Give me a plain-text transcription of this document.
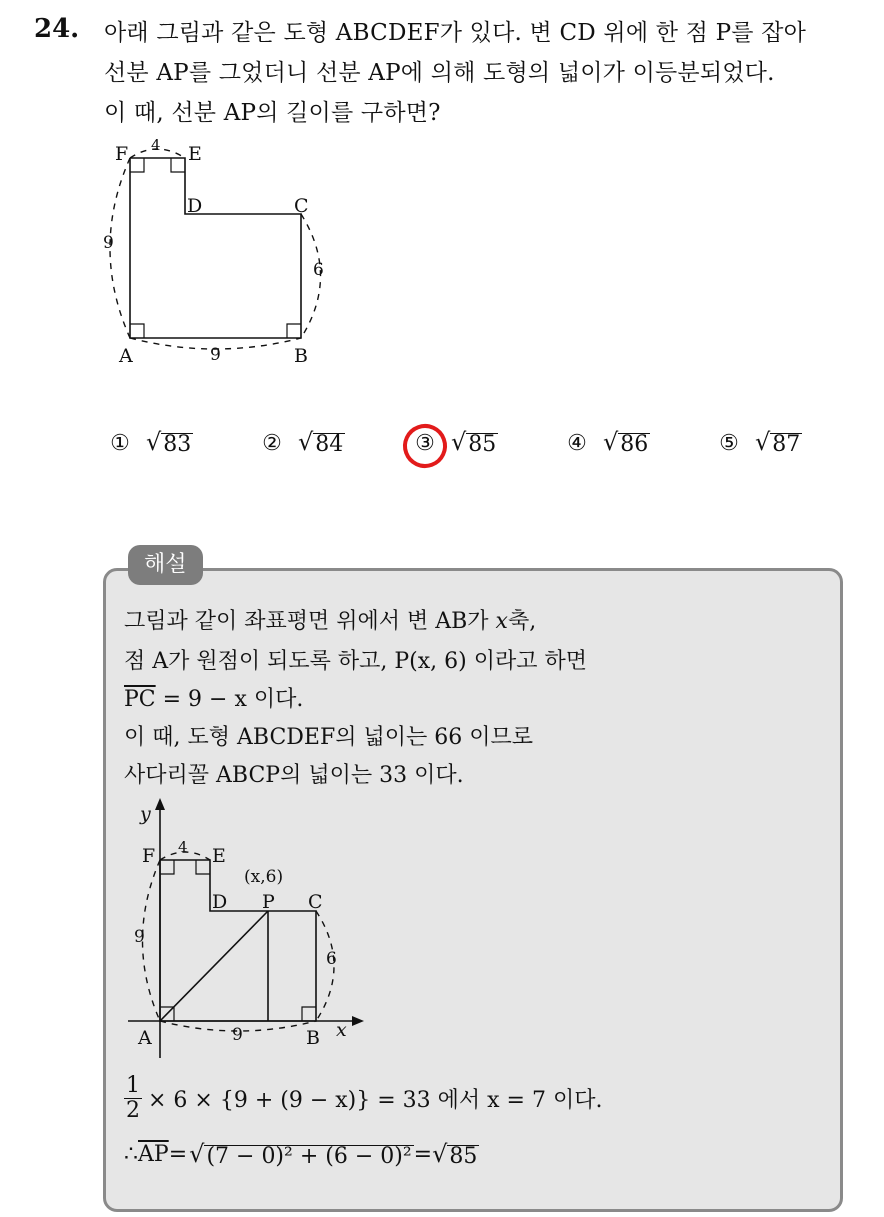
24. 아래 그림과 같은 도형 ABCDEF가 있다. 변 CD 위에 한 점 P를 잡아
선분 AP를 그었더니 선분 AP에 의해 도형의 넓이가 이등분되었다.
이 때, 선분 AP의 길이를 구하면?
F	E
D	C
A	B
4
9
6
9
① √ 83	② √ 84	③ √ 85	④ √ 86	⑤ √ 87
해설
그림과 같이 좌표평면 위에서 변 AB가 x축,
점 A가 원점이 되도록 하고, P(x, 6) 이라고 하면
$\overline{PC} = 9 - x$ 이다.
이 때, 도형 ABCDEF의 넓이는 66 이므로
사다리꼴 ABCP의 넓이는 33 이다.
y
x
F	E
D P C
A	B
(x,6)
4
9
6
9
$\frac{1}{2} \times 6 \times \{9 + (9 - x)\} = 33$ 에서 x = 7 이다.
∴ $\overline{AP}$ = √ (7 − 0)² + (6 − 0)² = √ 85
